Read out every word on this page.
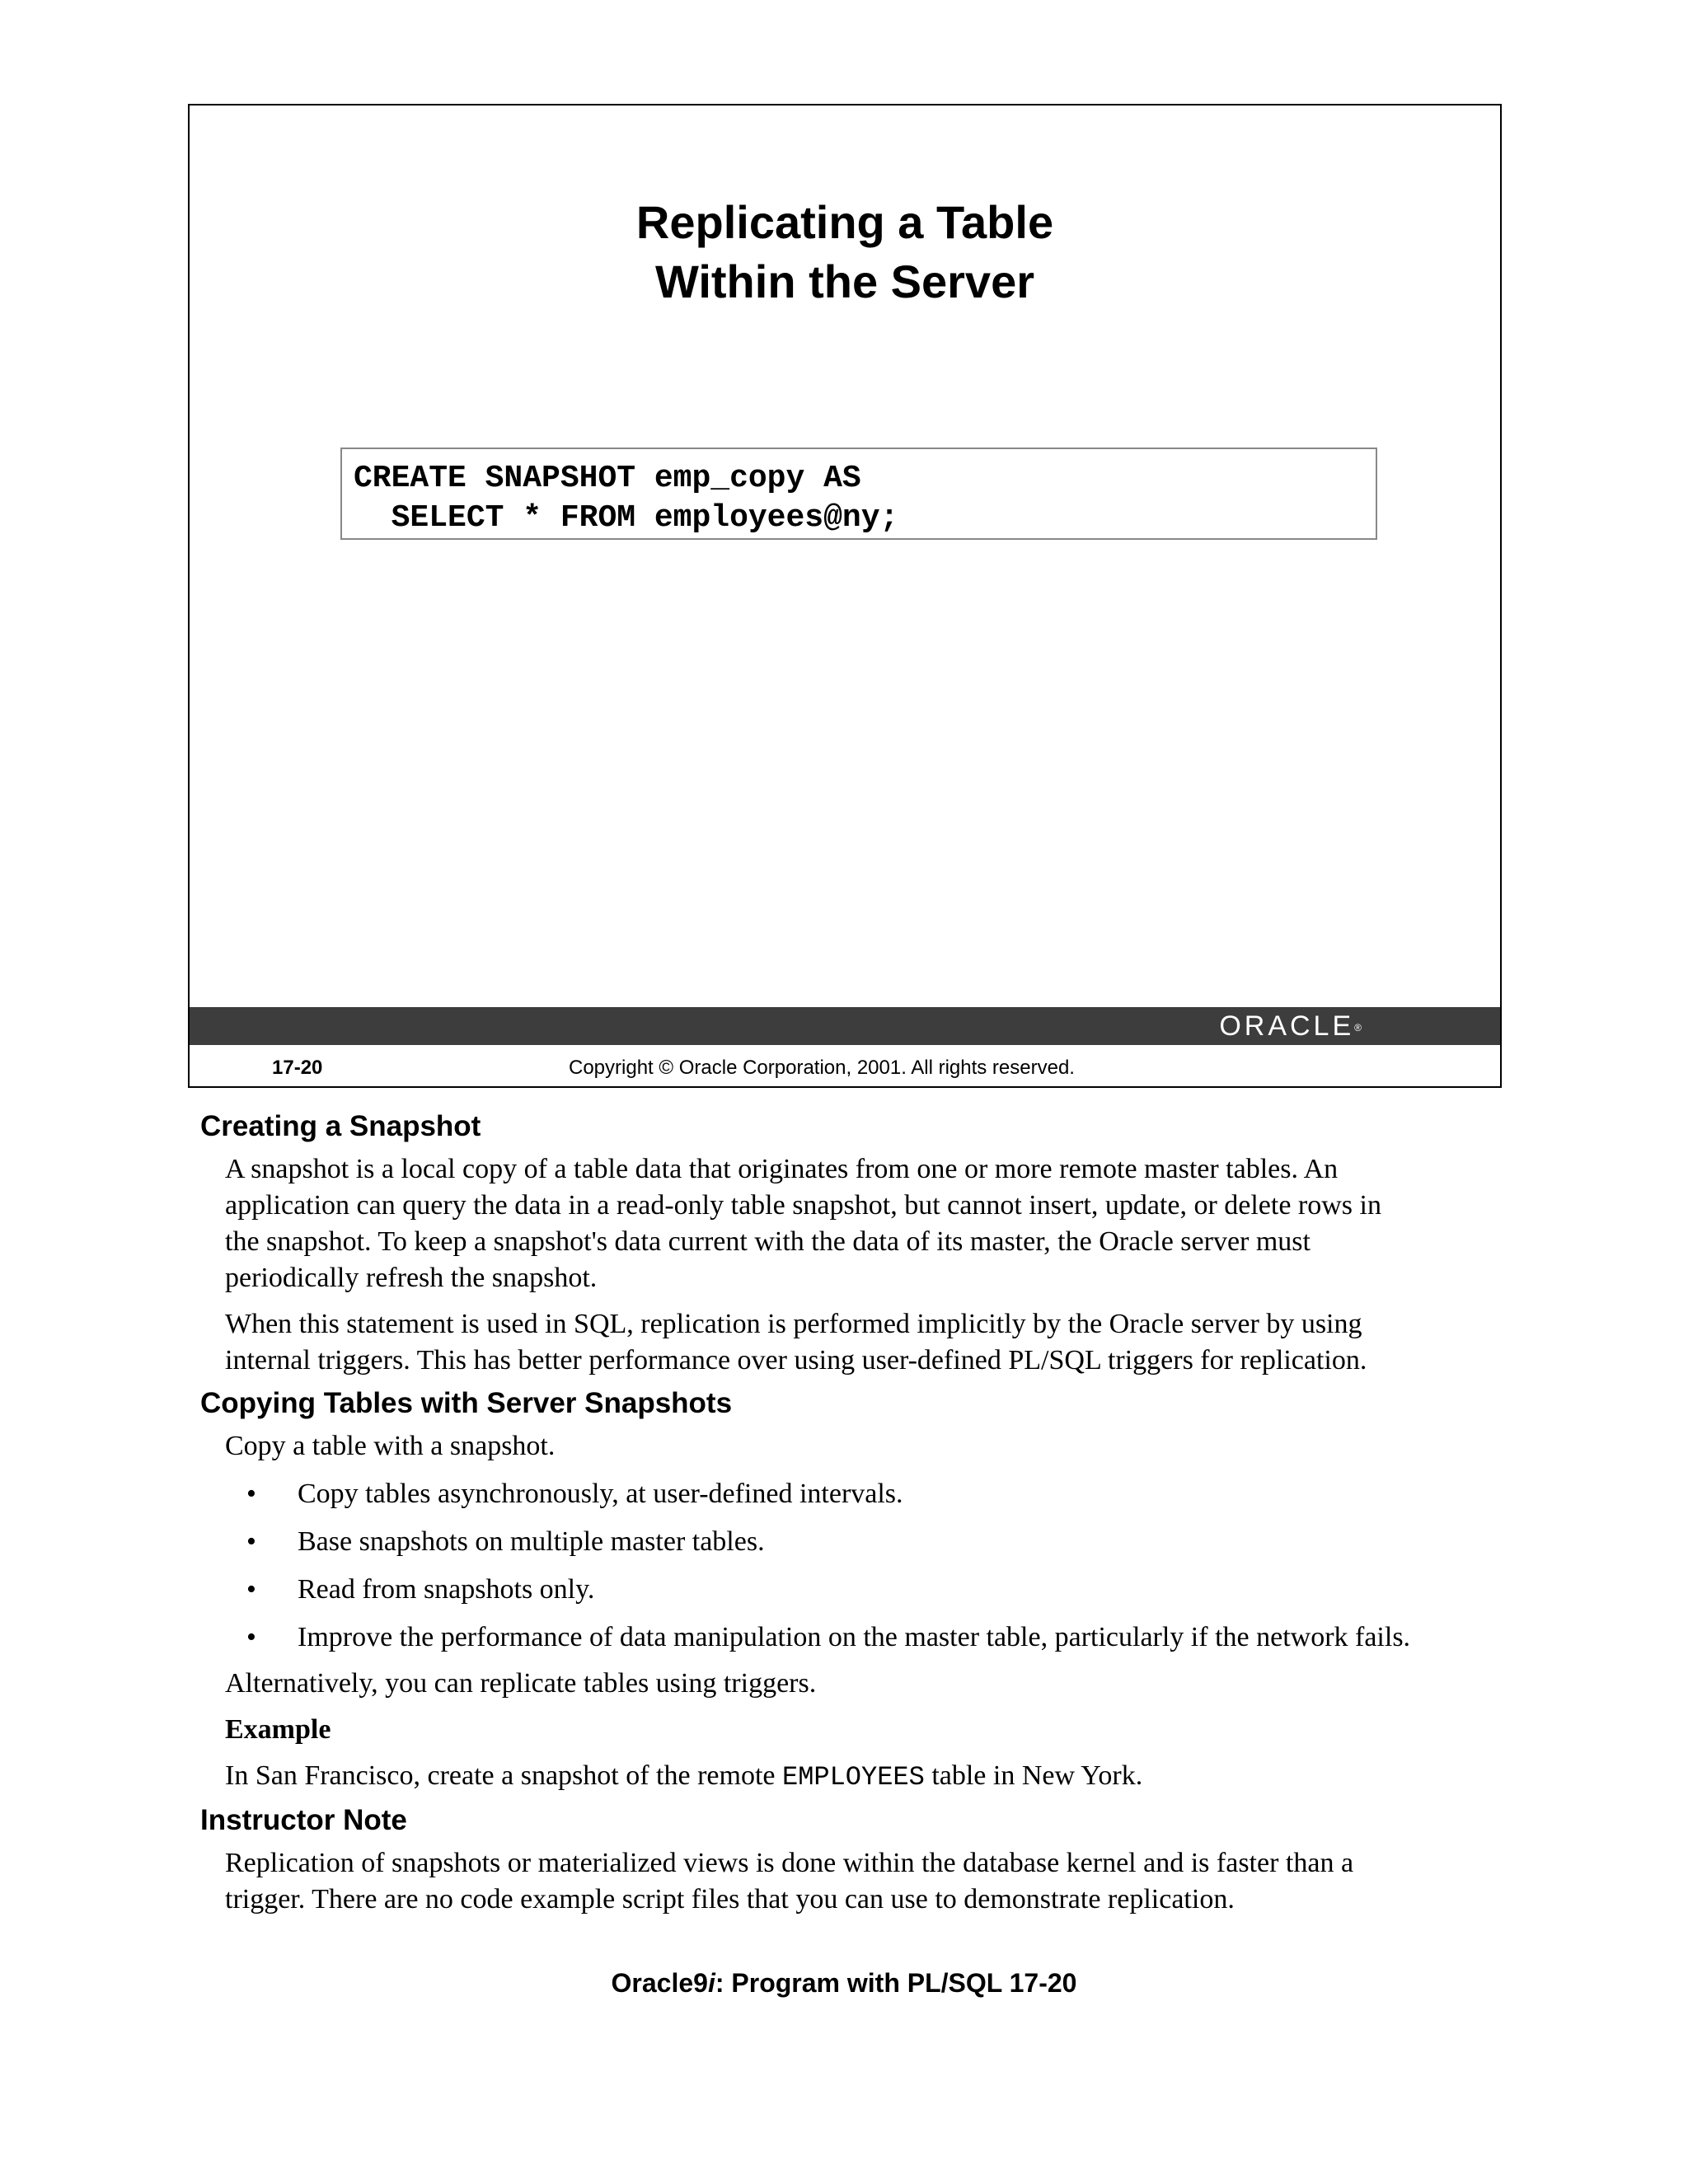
Replicating a Table
Within the Server
CREATE SNAPSHOT emp_copy AS
SELECT * FROM employees@ny;
ORACLE®
17-20	Copyright © Oracle Corporation, 2001. All rights reserved.
Creating a Snapshot

A snapshot is a local copy of a table data that originates from one or more remote master tables. An

application can query the data in a read-only table snapshot, but cannot insert, update, or delete rows in

the snapshot. To keep a snapshot's data current with the data of its master, the Oracle server must

periodically refresh the snapshot.

When this statement is used in SQL, replication is performed implicitly by the Oracle server by using

internal triggers. This has better performance over using user-defined PL/SQL triggers for replication.

Copying Tables with Server Snapshots

Copy a table with a snapshot.

• Copy tables asynchronously, at user-defined intervals.
• Base snapshots on multiple master tables.
• Read from snapshots only.
• Improve the performance of data manipulation on the master table, particularly if the network fails.

Alternatively, you can replicate tables using triggers.

Example

In San Francisco, create a snapshot of the remote EMPLOYEES table in New York.

Instructor Note

Replication of snapshots or materialized views is done within the database kernel and is faster than a

trigger. There are no code example script files that you can use to demonstrate replication.

Oracle9i: Program with PL/SQL 17-20
